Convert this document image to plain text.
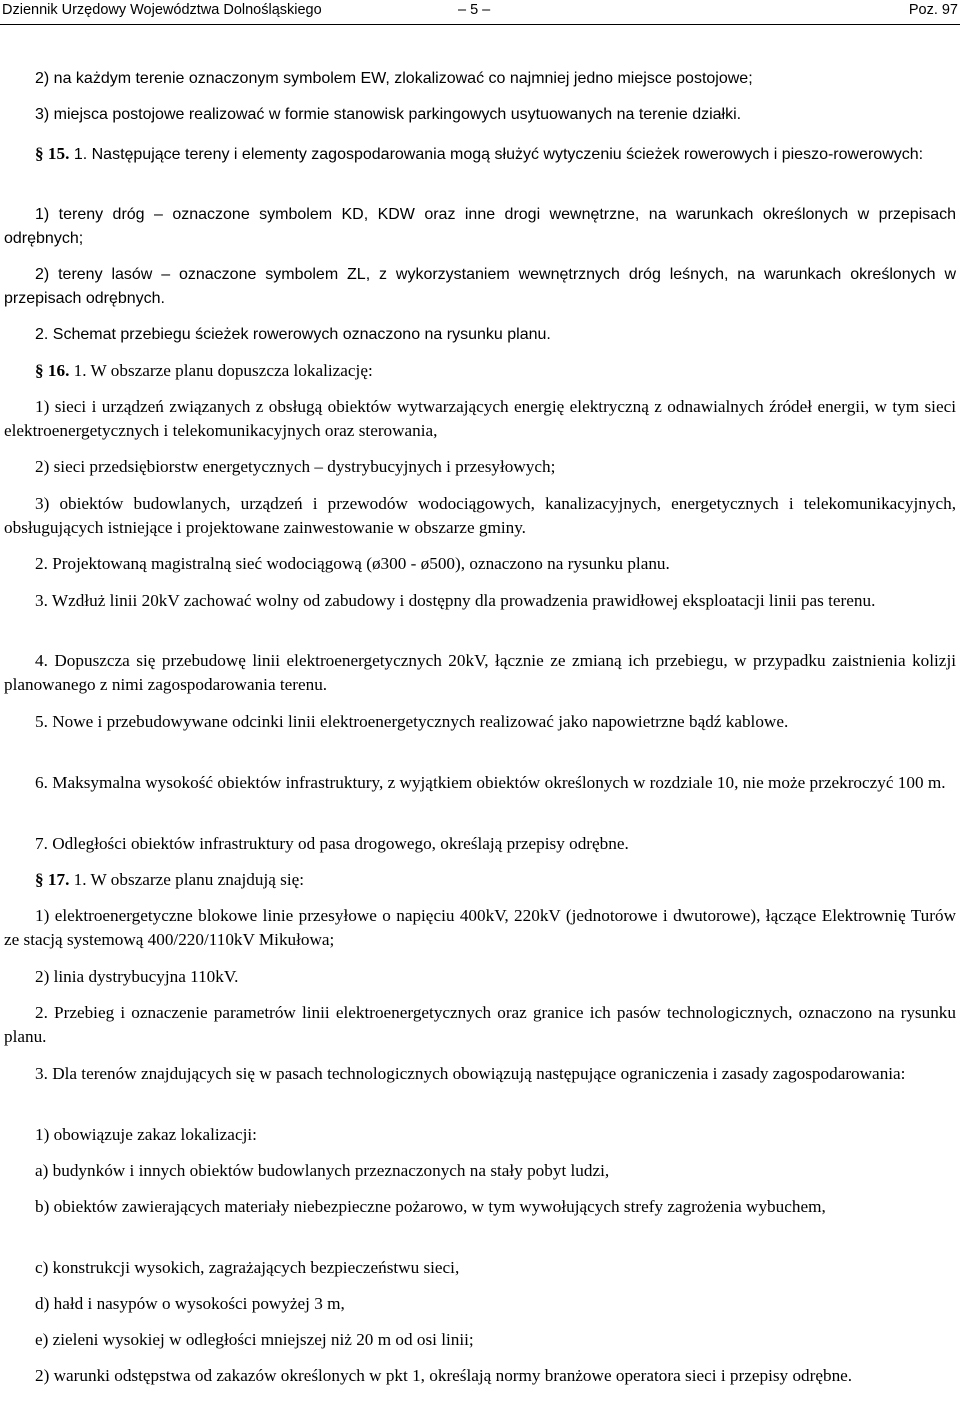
Dziennik Urzędowy Województwa Dolnośląskiego	– 5 –	Poz. 97
2) na każdym terenie oznaczonym symbolem EW, zlokalizować co najmniej jedno miejsce postojowe;
3) miejsca postojowe realizować w formie stanowisk parkingowych usytuowanych na terenie działki.
§ 15. 1. Następujące tereny i elementy zagospodarowania mogą służyć wytyczeniu ścieżek rowerowych i pieszo-rowerowych:
1) tereny dróg – oznaczone symbolem KD, KDW oraz inne drogi wewnętrzne, na warunkach określonych w przepisach odrębnych;
2) tereny lasów – oznaczone symbolem ZL, z wykorzystaniem wewnętrznych dróg leśnych, na warunkach określonych w przepisach odrębnych.
2. Schemat przebiegu ścieżek rowerowych oznaczono na rysunku planu.
§ 16. 1. W obszarze planu dopuszcza lokalizację:
1) sieci i urządzeń związanych z obsługą obiektów wytwarzających energię elektryczną z odnawialnych źródeł energii, w tym sieci elektroenergetycznych i telekomunikacyjnych oraz sterowania,
2) sieci przedsiębiorstw energetycznych – dystrybucyjnych i przesyłowych;
3) obiektów budowlanych, urządzeń i przewodów wodociągowych, kanalizacyjnych, energetycznych i telekomunikacyjnych, obsługujących istniejące i projektowane zainwestowanie w obszarze gminy.
2. Projektowaną magistralną sieć wodociągową (ø300 - ø500), oznaczono na rysunku planu.
3. Wzdłuż linii 20kV zachować wolny od zabudowy i dostępny dla prowadzenia prawidłowej eksploatacji linii pas terenu.
4. Dopuszcza się przebudowę linii elektroenergetycznych 20kV, łącznie ze zmianą ich przebiegu, w przypadku zaistnienia kolizji planowanego z nimi zagospodarowania terenu.
5. Nowe i przebudowywane odcinki linii elektroenergetycznych realizować jako napowietrzne bądź kablowe.
6. Maksymalna wysokość obiektów infrastruktury, z wyjątkiem obiektów określonych w rozdziale 10, nie może przekroczyć 100 m.
7. Odległości obiektów infrastruktury od pasa drogowego, określają przepisy odrębne.
§ 17. 1. W obszarze planu znajdują się:
1) elektroenergetyczne blokowe linie przesyłowe o napięciu 400kV, 220kV (jednotorowe i dwutorowe), łączące Elektrownię Turów ze stacją systemową 400/220/110kV Mikułowa;
2) linia dystrybucyjna 110kV.
2. Przebieg i oznaczenie parametrów linii elektroenergetycznych oraz granice ich pasów technologicznych, oznaczono na rysunku planu.
3. Dla terenów znajdujących się w pasach technologicznych obowiązują następujące ograniczenia i zasady zagospodarowania:
1) obowiązuje zakaz lokalizacji:
a) budynków i innych obiektów budowlanych przeznaczonych na stały pobyt ludzi,
b) obiektów zawierających materiały niebezpieczne pożarowo, w tym wywołujących strefy zagrożenia wybuchem,
c) konstrukcji wysokich, zagrażających bezpieczeństwu sieci,
d) hałd i nasypów o wysokości powyżej 3 m,
e) zieleni wysokiej w odległości mniejszej niż 20 m od osi linii;
2) warunki odstępstwa od zakazów określonych w pkt 1, określają normy branżowe operatora sieci i przepisy odrębne.
